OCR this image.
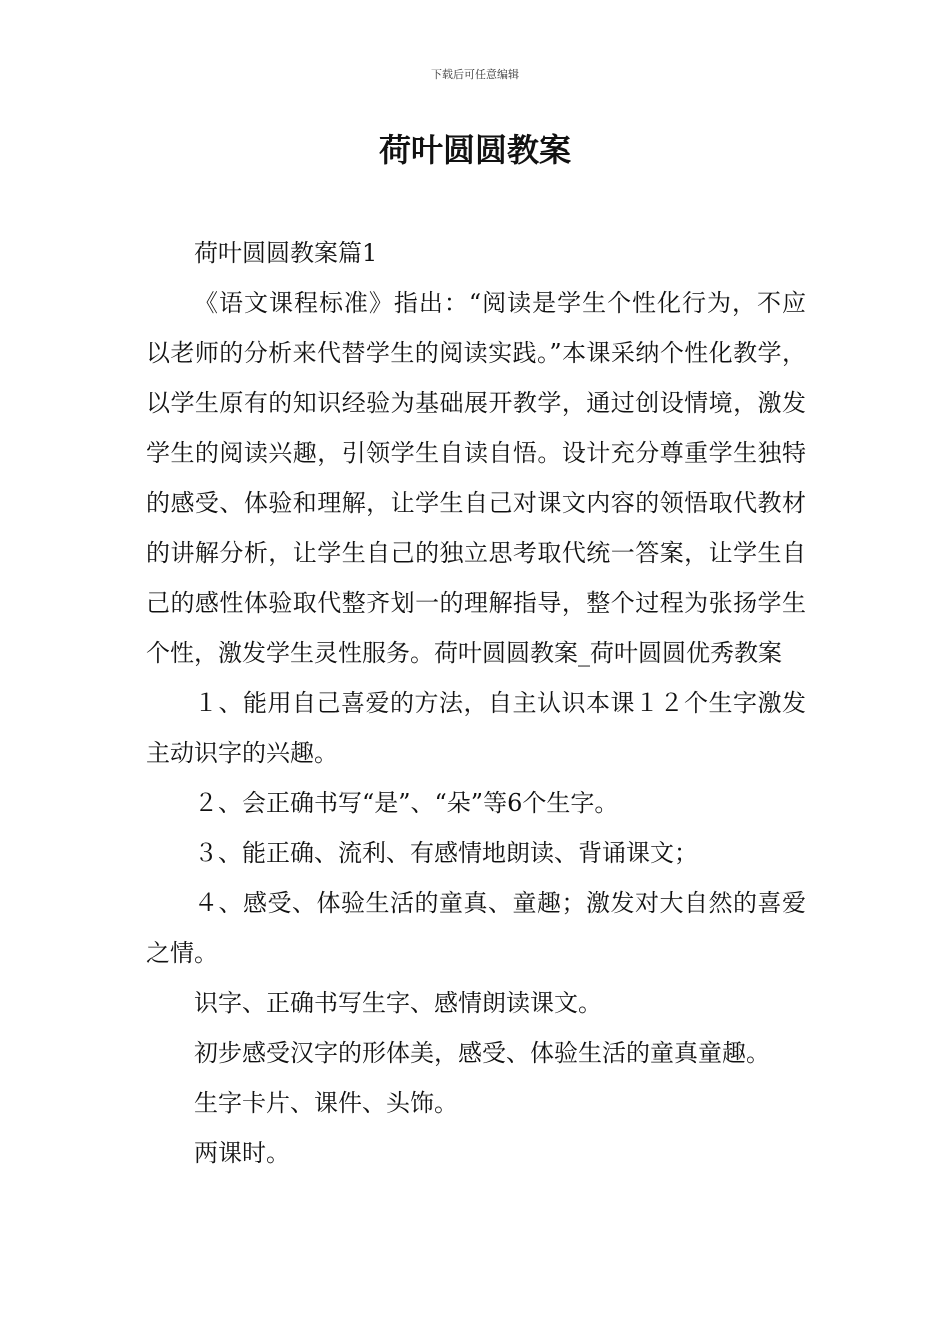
下载后可任意编辑
荷叶圆圆教案

荷叶圆圆教案篇1

《语文课程标准》指出：“阅读是学生个性化行为，不应以老师的分析来代替学生的阅读实践。”本课采纳个性化教学，以学生原有的知识经验为基础展开教学，通过创设情境，激发学生的阅读兴趣，引领学生自读自悟。设计充分尊重学生独特的感受、体验和理解，让学生自己对课文内容的领悟取代教材的讲解分析，让学生自己的独立思考取代统一答案，让学生自己的感性体验取代整齐划一的理解指导，整个过程为张扬学生个性，激发学生灵性服务。荷叶圆圆教案_荷叶圆圆优秀教案

１、能用自己喜爱的方法，自主认识本课１２个生字激发主动识字的兴趣。

２、会正确书写“是”、“朵”等6个生字。

３、能正确、流利、有感情地朗读、背诵课文；

４、感受、体验生活的童真、童趣；激发对大自然的喜爱之情。

识字、正确书写生字、感情朗读课文。

初步感受汉字的形体美，感受、体验生活的童真童趣。

生字卡片、课件、头饰。

两课时。
